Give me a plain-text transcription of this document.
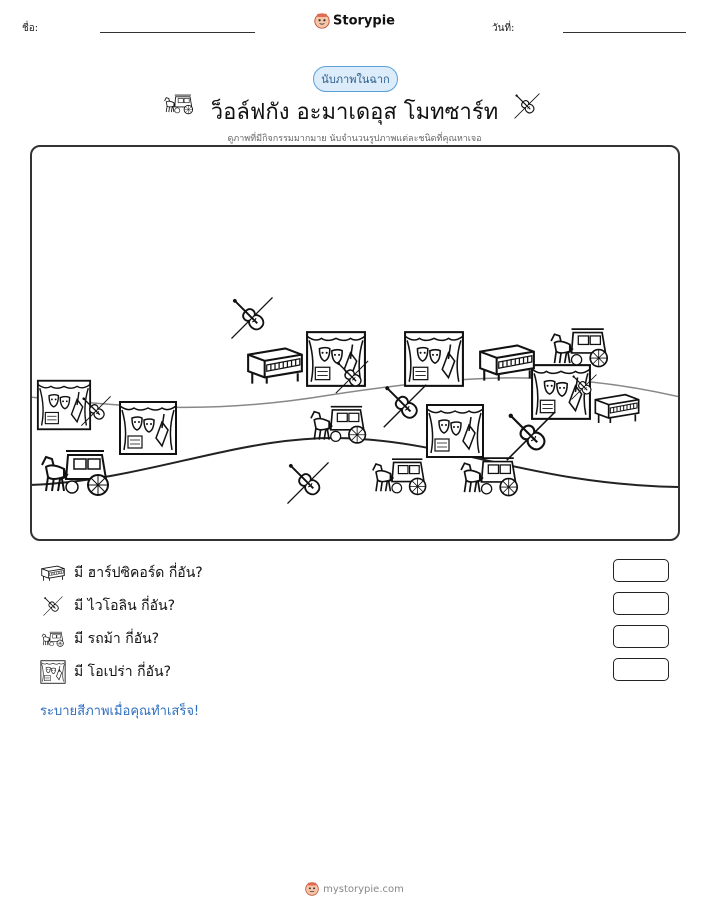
ชื่อ:	Storypie	วันที่:
นับภาพในฉาก
ว็อล์ฟกัง อะมาเดอุส โมทซาร์ท
ดูภาพที่มีกิจกรรมมากมาย นับจำนวนรูปภาพแต่ละชนิดที่คุณหาเจอ
มี ฮาร์ปซิคอร์ด กี่อัน?
มี ไวโอลิน กี่อัน?
มี รถม้า กี่อัน?
มี โอเปร่า กี่อัน?
ระบายสีภาพเมื่อคุณทำเสร็จ!
mystorypie.com
